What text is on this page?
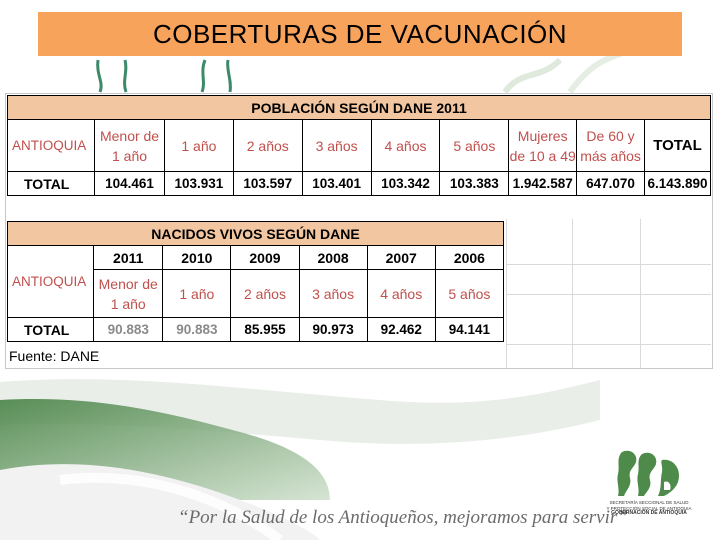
COBERTURAS DE VACUNACIÓN
POBLACIÓN SEGÚN DANE 2011									
ANTIOQUIA	Menor de 1 año	1 año	2 años	3 años	4 años	5 años	Mujeres de 10 a 49	De 60 y más años	TOTAL
TOTAL	104.461	103.931	103.597	103.401	103.342	103.383	1.942.587	647.070	6.143.890
NACIDOS VIVOS SEGÚN DANE						
ANTIOQUIA	2011	2010	2009	2008	2007	2006
	Menor de 1 año	1 año	2 años	3 años	4 años	5 años
TOTAL	90.883	90.883	85.955	90.973	92.462	94.141
Fuente: DANE
“Por la Salud de los Antioqueños, mejoramos para servir”
SECRETARÍA SECCIONAL DE SALUD
Y PROTECCIÓN SOCIAL DE ANTIOQUIA
GOBERNACIÓN DE ANTIOQUIA
